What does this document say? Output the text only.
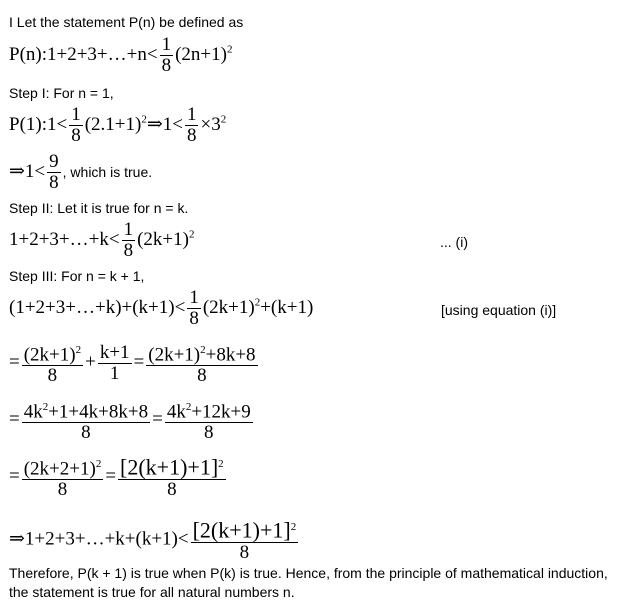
I Let the statement P(n) be defined as
P(n):1+2+3+…+n< $\frac{1}{8} (2n+1)^2$
Step I: For n = 1,
P(1):1< $\frac{1}{8}$ $(2.1+1)^2\Rightarrow 1< \frac{1}{8} \times 3^2$
⇒1< $\frac{9}{8}$ , which is true.
Step II: Let it is true for n = k.
1+2+3+…+k< $\frac{1}{8} (2k+1)^2$	... (i)
Step III: For n = k + 1,
(1+2+3+…+k)+(k+1)< $\frac{1}{8} (2k+1)^2+(k+1)$	[using equation (i)]
= $\frac{(2k+1)^2}{8} + \frac{k+1}{1} = \frac{(2k+1)^2+8k+8}{8}$
= $\frac{4k^2+1+4k+8k+8}{8} = \frac{4k^2+12k+9}{8}$
= $\frac{(2k+2+1)^2}{8} = \frac{[2(k+1)+1]^2}{8}$
⇒1+2+3+…+k+(k+1)< $\frac{[2(k+1)+1]^2}{8}$
Therefore, P(k + 1) is true when P(k) is true. Hence, from the principle of mathematical induction, the statement is true for all natural numbers n.
